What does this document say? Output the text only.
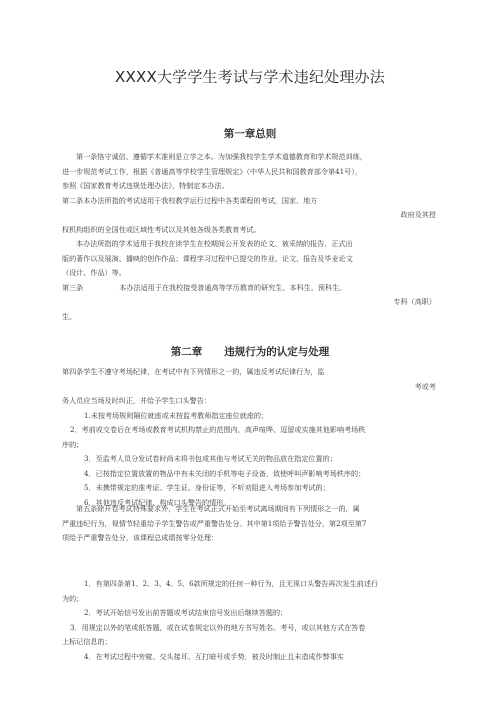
XXXX大学学生考试与学术违纪处理办法
第一章总则

第一条恪守诚信、遵循学术准则是立学之本。为加强我校学生学术道德教育和学术规范训练，

进一步规范考试工作，根据《普通高等学校学生管理规定》（中华人民共和国教育部令第41号），

参照《国家教育考试违规处理办法》，特制定本办法。

第二条本办法所指的考试适用于我校教学运行过程中各类课程的考试，国家、地方

政府及其授

权机构组织的全国性或区域性考试以及其他各级各类教育考试。

本办法所指的学术适用于我校在读学生在校期间公开发表的论文、被采纳的报告、正式出

版的著作以及展演、播映的创作作品；课程学习过程中已提交的作业、论文、报告及毕业论文

（设计、作品）等。

第三条	本办法适用于在我校接受普通高等学历教育的研究生、本科生、预科生、

专科（高职）

生。

第二章 违规行为的认定与处理

第四条学生不遵守考场纪律，在考试中有下列情形之一的，属违反考试纪律行为，监

考或考

务人员应当场及时纠正，并给予学生口头警告：

1.未按考场规则隔位就座或未按监考教师指定座位就座的；

2．考前或交卷后在考场或教育考试机构禁止的范围内，高声喧哗、逗留或实施其他影响考场秩

序的；

3．至监考人员分发试卷时尚未将书包或其他与考试无关的物品放在指定位置的；

4．已按指定位置放置的物品中有未关闭的手机等电子设备，致使呼叫声影响考场秩序的；

5．未携带规定的准考证、学生证、身份证等，不听劝阻进入考场参加考试的；

6．其他违反考试纪律、构成口头警告的情形。

第五条除开卷考试特殊要求外，学生在考试正式开始至考试离场期间有下列情形之一的，属

严重违纪行为，视情节轻重给予学生警告或严重警告处分。其中第1项给予警告处分，第2项至第7

项给予严重警告处分，该课程总成绩按零分处理：

1．有第四条第1、2、3、4、5、6款所规定的任何一种行为，且无视口头警告再次发生前述行

为的；

2．考试开始信号发出前答题或考试结束信号发出后继续答题的；

3．用规定以外的笔或纸答题，或在试卷规定以外的地方书写姓名、考号，或以其他方式在答卷

上标记信息的；

4．在考试过程中旁窥、交头接耳、互打暗号或手势，被及时制止且未造成作弊事实
